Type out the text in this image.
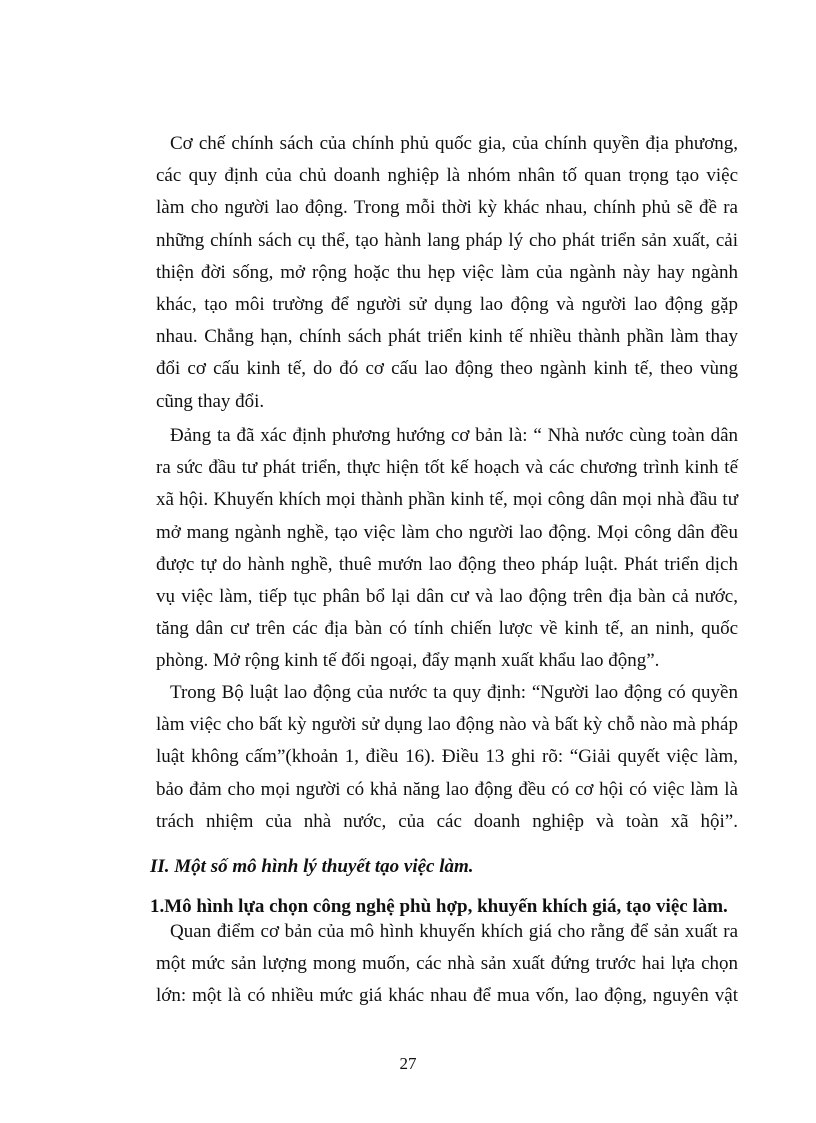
Cơ chế chính sách của chính phủ quốc gia, của chính quyền địa phương,
các quy định của chủ doanh nghiệp là nhóm nhân tố quan trọng tạo việc
làm cho người lao động. Trong mỗi thời kỳ khác nhau, chính phủ sẽ đề ra
những chính sách cụ thể, tạo hành lang pháp lý cho phát triển sản xuất, cải
thiện đời sống, mở rộng hoặc thu hẹp việc làm của ngành này hay ngành
khác, tạo môi trường để người sử dụng lao động và người lao động gặp
nhau. Chẳng hạn, chính sách phát triển kinh tế nhiều thành phần làm thay
đổi cơ cấu kinh tế, do đó cơ cấu lao động theo ngành kinh tế, theo vùng
cũng thay đổi.

Đảng ta đã xác định phương hướng cơ bản là: “ Nhà nước cùng toàn dân
ra sức đầu tư phát triển, thực hiện tốt kế hoạch và các chương trình kinh tế
xã hội. Khuyến khích mọi thành phần kinh tế, mọi công dân mọi nhà đầu tư
mở mang ngành nghề, tạo việc làm cho người lao động. Mọi công dân đều
được tự do hành nghề, thuê mướn lao động theo pháp luật. Phát triển dịch
vụ việc làm, tiếp tục phân bổ lại dân cư và lao động trên địa bàn cả nước,
tăng dân cư trên các địa bàn có tính chiến lược về kinh tế, an ninh, quốc
phòng. Mở rộng kinh tế đối ngoại, đẩy mạnh xuất khẩu lao động”.

Trong Bộ luật lao động của nước ta quy định: “Người lao động có quyền
làm việc cho bất kỳ người sử dụng lao động nào và bất kỳ chỗ nào mà pháp
luật không cấm”(khoản 1, điều 16). Điều 13 ghi rõ: “Giải quyết việc làm,
bảo đảm cho mọi người có khả năng lao động đều có cơ hội có việc làm là
trách nhiệm của nhà nước, của các doanh nghiệp và toàn xã hội”.

II. Một số mô hình lý thuyết tạo việc làm.
1.Mô hình lựa chọn công nghệ phù hợp, khuyến khích giá, tạo việc làm.

Quan điểm cơ bản của mô hình khuyến khích giá cho rằng để sản xuất ra
một mức sản lượng mong muốn, các nhà sản xuất đứng trước hai lựa chọn
lớn: một là có nhiều mức giá khác nhau để mua vốn, lao động, nguyên vật

27
